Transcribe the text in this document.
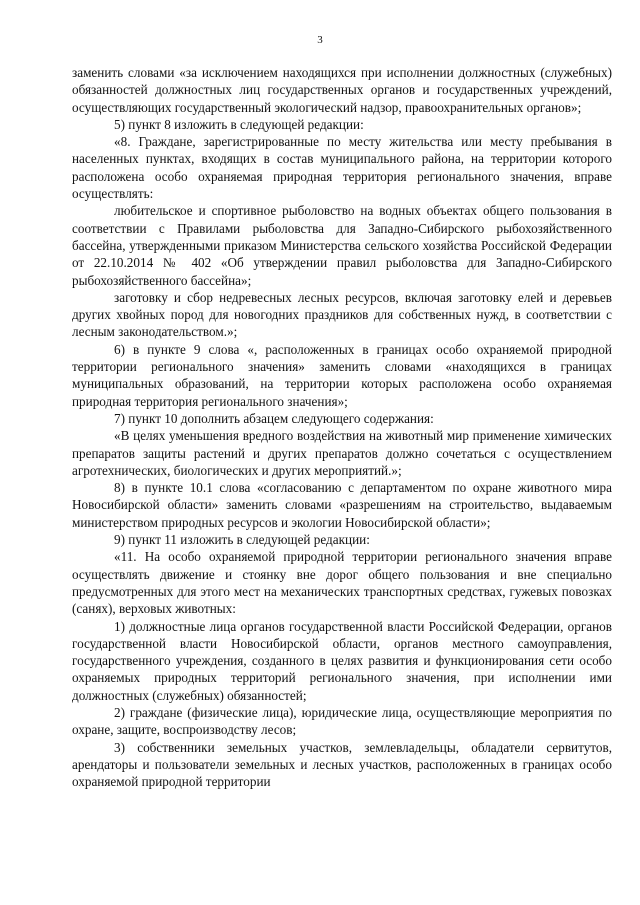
3

заменить словами «за исключением находящихся при исполнении должностных (служебных) обязанностей должностных лиц государственных органов и государственных учреждений, осуществляющих государственный экологический надзор, правоохранительных органов»;

5) пункт 8 изложить в следующей редакции:

«8. Граждане, зарегистрированные по месту жительства или месту пребывания в населенных пунктах, входящих в состав муниципального района, на территории которого расположена особо охраняемая природная территория регионального значения, вправе осуществлять:

любительское и спортивное рыболовство на водных объектах общего пользования в соответствии с Правилами рыболовства для Западно-Сибирского рыбохозяйственного бассейна, утвержденными приказом Министерства сельского хозяйства Российской Федерации от 22.10.2014 № 402 «Об утверждении правил рыболовства для Западно-Сибирского рыбохозяйственного бассейна»;

заготовку и сбор недревесных лесных ресурсов, включая заготовку елей и деревьев других хвойных пород для новогодних праздников для собственных нужд, в соответствии с лесным законодательством.»;

6) в пункте 9 слова «, расположенных в границах особо охраняемой природной территории регионального значения» заменить словами «находящихся в границах муниципальных образований, на территории которых расположена особо охраняемая природная территория регионального значения»;

7) пункт 10 дополнить абзацем следующего содержания:

«В целях уменьшения вредного воздействия на животный мир применение химических препаратов защиты растений и других препаратов должно сочетаться с осуществлением агротехнических, биологических и других мероприятий.»;

8) в пункте 10.1 слова «согласованию с департаментом по охране животного мира Новосибирской области» заменить словами «разрешениям на строительство, выдаваемым министерством природных ресурсов и экологии Новосибирской области»;

9) пункт 11 изложить в следующей редакции:

«11. На особо охраняемой природной территории регионального значения вправе осуществлять движение и стоянку вне дорог общего пользования и вне специально предусмотренных для этого мест на механических транспортных средствах, гужевых повозках (санях), верховых животных:

1) должностные лица органов государственной власти Российской Федерации, органов государственной власти Новосибирской области, органов местного самоуправления, государственного учреждения, созданного в целях развития и функционирования сети особо охраняемых природных территорий регионального значения, при исполнении ими должностных (служебных) обязанностей;

2) граждане (физические лица), юридические лица, осуществляющие мероприятия по охране, защите, воспроизводству лесов;

3) собственники земельных участков, землевладельцы, обладатели сервитутов, арендаторы и пользователи земельных и лесных участков, расположенных в границах особо охраняемой природной территории
